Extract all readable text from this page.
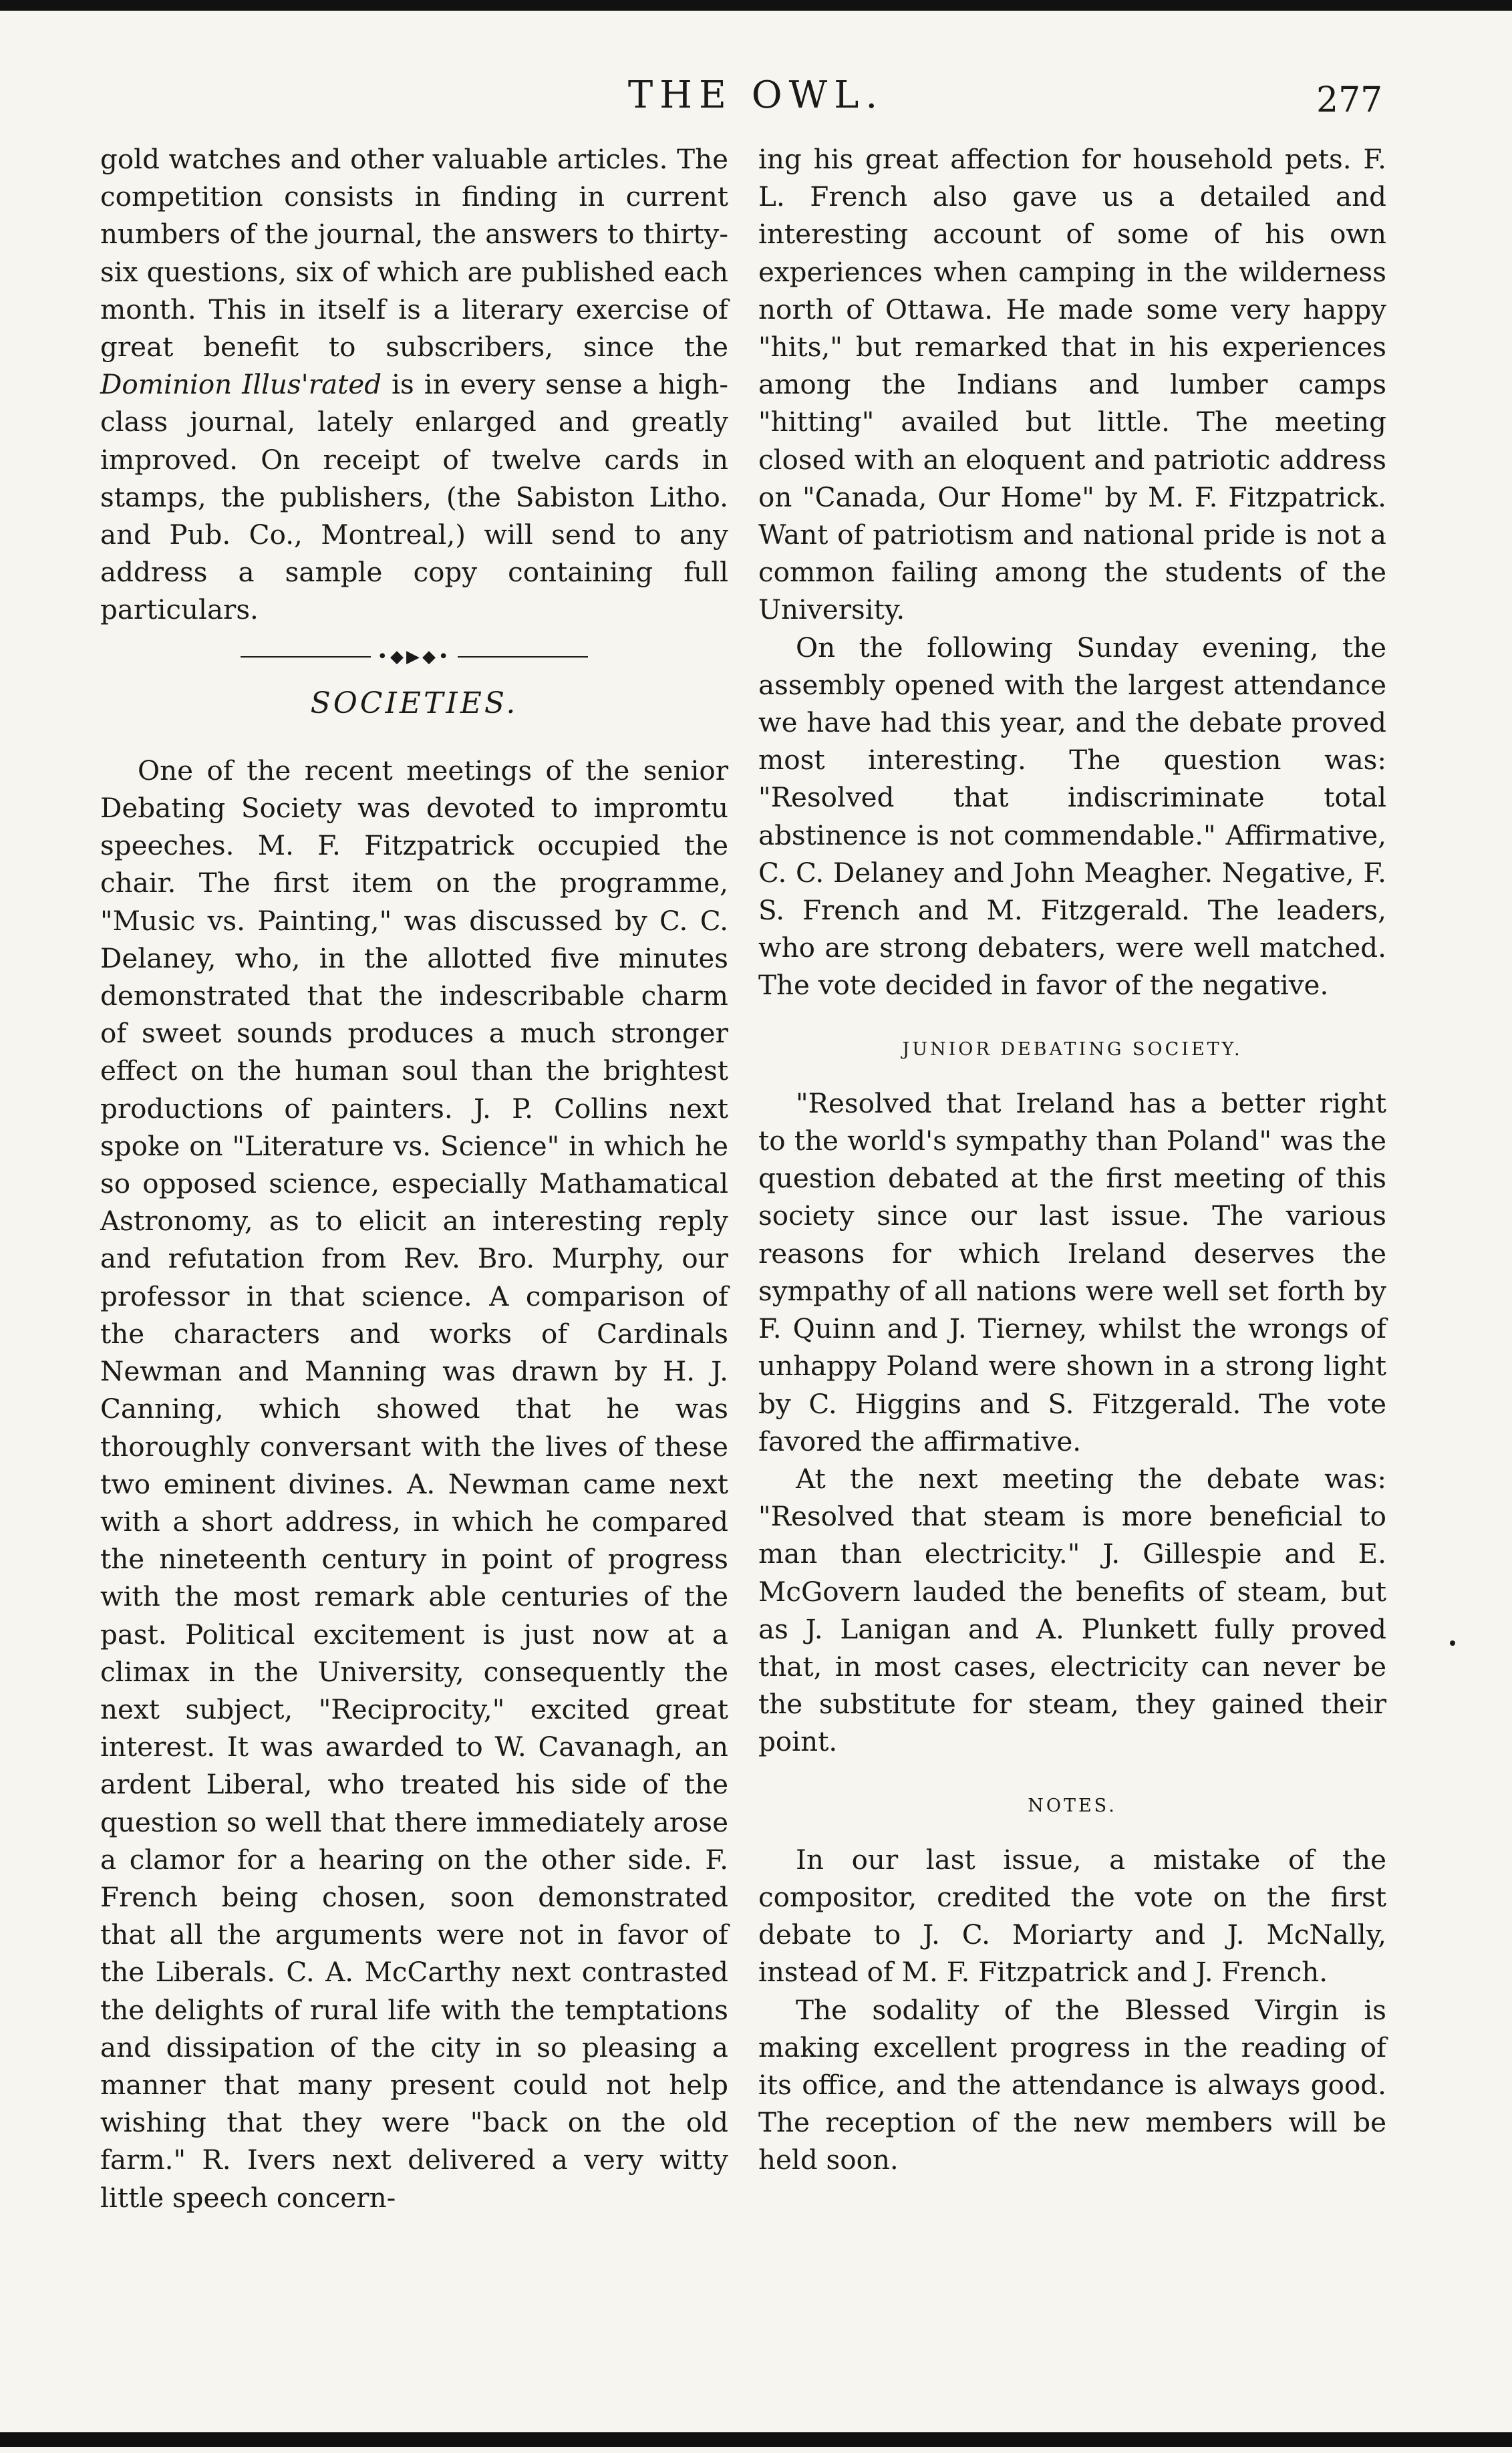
THE OWL.	277

gold watches and other valuable articles. The competition consists in finding in current numbers of the journal, the answers to thirty-six questions, six of which are published each month. This in itself is a literary exercise of great benefit to subscribers, since the Dominion Illus'rated is in every sense a high-class journal, lately enlarged and greatly improved. On receipt of twelve cards in stamps, the publishers, (the Sabiston Litho. and Pub. Co., Montreal,) will send to any address a sample copy containing full particulars.

•◆▶◆•
SOCIETIES.

One of the recent meetings of the senior Debating Society was devoted to impromtu speeches. M. F. Fitzpatrick occupied the chair. The first item on the programme, "Music vs. Painting," was discussed by C. C. Delaney, who, in the allotted five minutes demonstrated that the indescribable charm of sweet sounds produces a much stronger effect on the human soul than the brightest productions of painters. J. P. Collins next spoke on "Literature vs. Science" in which he so opposed science, especially Mathamatical Astronomy, as to elicit an interesting reply and refutation from Rev. Bro. Murphy, our professor in that science. A comparison of the characters and works of Cardinals Newman and Manning was drawn by H. J. Canning, which showed that he was thoroughly conversant with the lives of these two eminent divines. A. Newman came next with a short address, in which he compared the nineteenth century in point of progress with the most remark able centuries of the past. Political excitement is just now at a climax in the University, consequently the next subject, "Reciprocity," excited great interest. It was awarded to W. Cavanagh, an ardent Liberal, who treated his side of the question so well that there immediately arose a clamor for a hearing on the other side. F. French being chosen, soon demonstrated that all the arguments were not in favor of the Liberals. C. A. McCarthy next contrasted the delights of rural life with the temptations and dissipation of the city in so pleasing a manner that many present could not help wishing that they were "back on the old farm." R. Ivers next delivered a very witty little speech concern-

ing his great affection for household pets. F. L. French also gave us a detailed and interesting account of some of his own experiences when camping in the wilderness north of Ottawa. He made some very happy "hits," but remarked that in his experiences among the Indians and lumber camps "hitting" availed but little. The meeting closed with an eloquent and patriotic address on "Canada, Our Home" by M. F. Fitzpatrick. Want of patriotism and national pride is not a common failing among the students of the University.

On the following Sunday evening, the assembly opened with the largest attendance we have had this year, and the debate proved most interesting. The question was: "Resolved that indiscriminate total abstinence is not commendable." Affirmative, C. C. Delaney and John Meagher. Negative, F. S. French and M. Fitzgerald. The leaders, who are strong debaters, were well matched. The vote decided in favor of the negative.

JUNIOR DEBATING SOCIETY.

"Resolved that Ireland has a better right to the world's sympathy than Poland" was the question debated at the first meeting of this society since our last issue. The various reasons for which Ireland deserves the sympathy of all nations were well set forth by F. Quinn and J. Tierney, whilst the wrongs of unhappy Poland were shown in a strong light by C. Higgins and S. Fitzgerald. The vote favored the affirmative.

At the next meeting the debate was: "Resolved that steam is more beneficial to man than electricity." J. Gillespie and E. McGovern lauded the benefits of steam, but as J. Lanigan and A. Plunkett fully proved that, in most cases, electricity can never be the substitute for steam, they gained their point.

NOTES.

In our last issue, a mistake of the compositor, credited the vote on the first debate to J. C. Moriarty and J. McNally, instead of M. F. Fitzpatrick and J. French.

The sodality of the Blessed Virgin is making excellent progress in the reading of its office, and the attendance is always good. The reception of the new members will be held soon.
